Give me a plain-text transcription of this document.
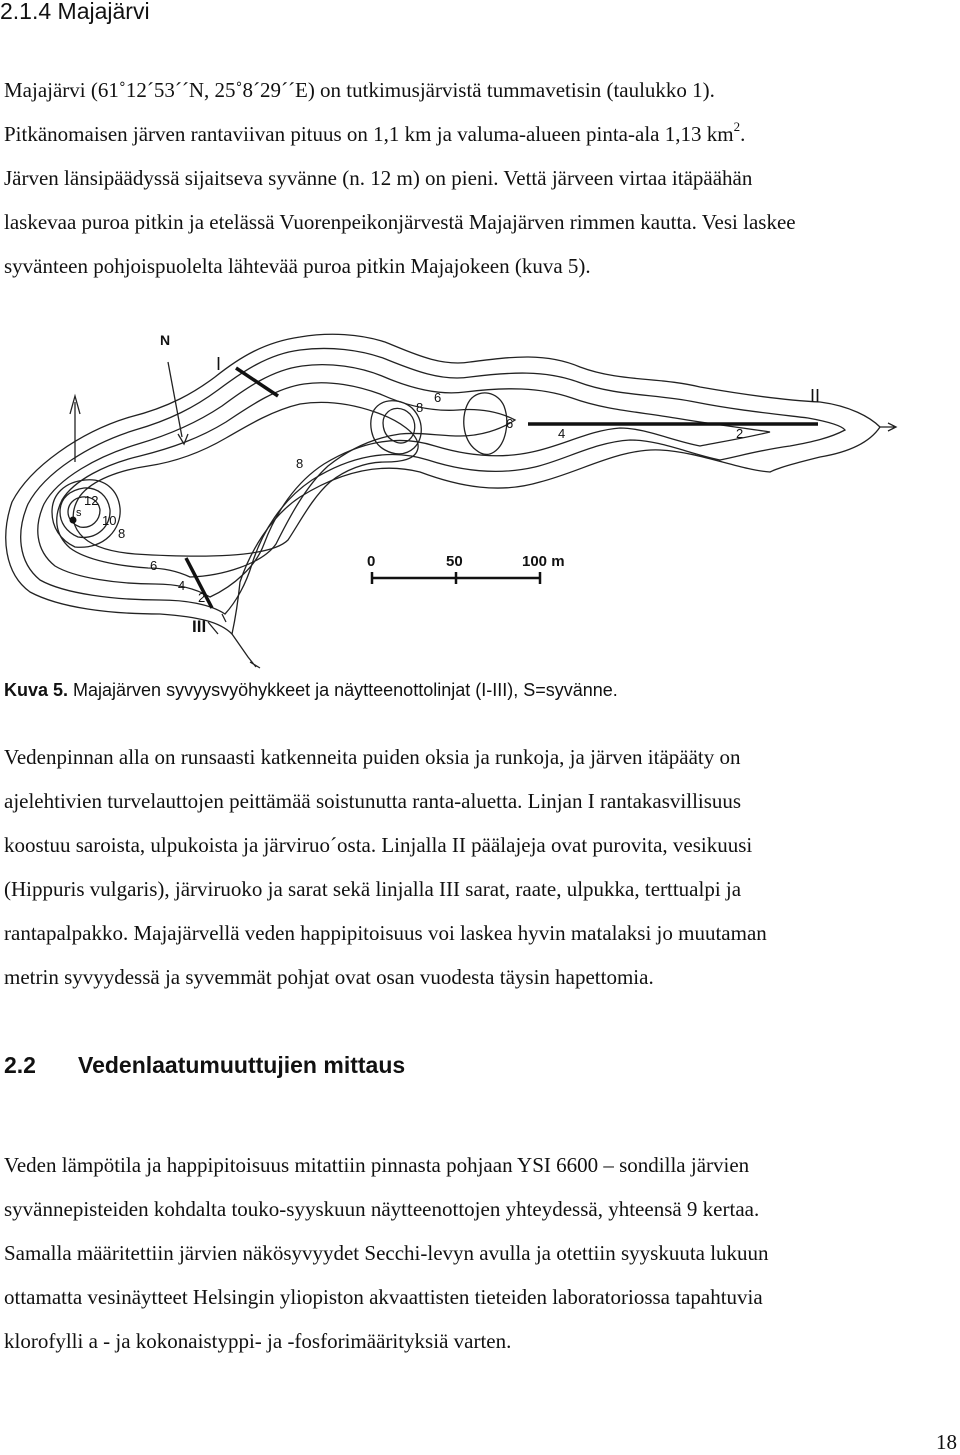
2.1.4 Majajärvi

Majajärvi (61˚12´53´´N, 25˚8´29´´E) on tutkimusjärvistä tummavetisin (taulukko 1).
Pitkänomaisen järven rantaviivan pituus on 1,1 km ja valuma-alueen pinta-ala 1,13 $km^2$.
Järven länsipäädyssä sijaitseva syvänne (n. 12 m) on pieni. Vettä järveen virtaa itäpäähän
laskevaa puroa pitkin ja etelässä Vuorenpeikonjärvestä Majajärven rimmen kautta. Vesi laskee
syvänteen pohjoispuolelta lähtevää puroa pitkin Majajokeen (kuva 5).

N
I
II
III
12
10
8
6
4
2
8
8
6
6
4	2
s
0	50	100 m

Kuva 5. Majajärven syvyysvyöhykkeet ja näytteenottolinjat (I-III), S=syvänne.

Vedenpinnan alla on runsaasti katkenneita puiden oksia ja runkoja, ja järven itäpääty on
ajelehtivien turvelauttojen peittämää soistunutta ranta-aluetta. Linjan I rantakasvillisuus
koostuu saroista, ulpukoista ja järviruo´osta. Linjalla II päälajeja ovat purovita, vesikuusi
(Hippuris vulgaris), järviruoko ja sarat sekä linjalla III sarat, raate, ulpukka, terttualpi ja
rantapalpakko. Majajärvellä veden happipitoisuus voi laskea hyvin matalaksi jo muutaman
metrin syvyydessä ja syvemmät pohjat ovat osan vuodesta täysin hapettomia.

2.2 Vedenlaatumuuttujien mittaus

Veden lämpötila ja happipitoisuus mitattiin pinnasta pohjaan YSI 6600 – sondilla järvien
syvännepisteiden kohdalta touko-syyskuun näytteenottojen yhteydessä, yhteensä 9 kertaa.
Samalla määritettiin järvien näkösyvyydet Secchi-levyn avulla ja otettiin syyskuuta lukuun
ottamatta vesinäytteet Helsingin yliopiston akvaattisten tieteiden laboratoriossa tapahtuvia
klorofylli a - ja kokonaistyppi- ja -fosforimäärityksiä varten.

18
